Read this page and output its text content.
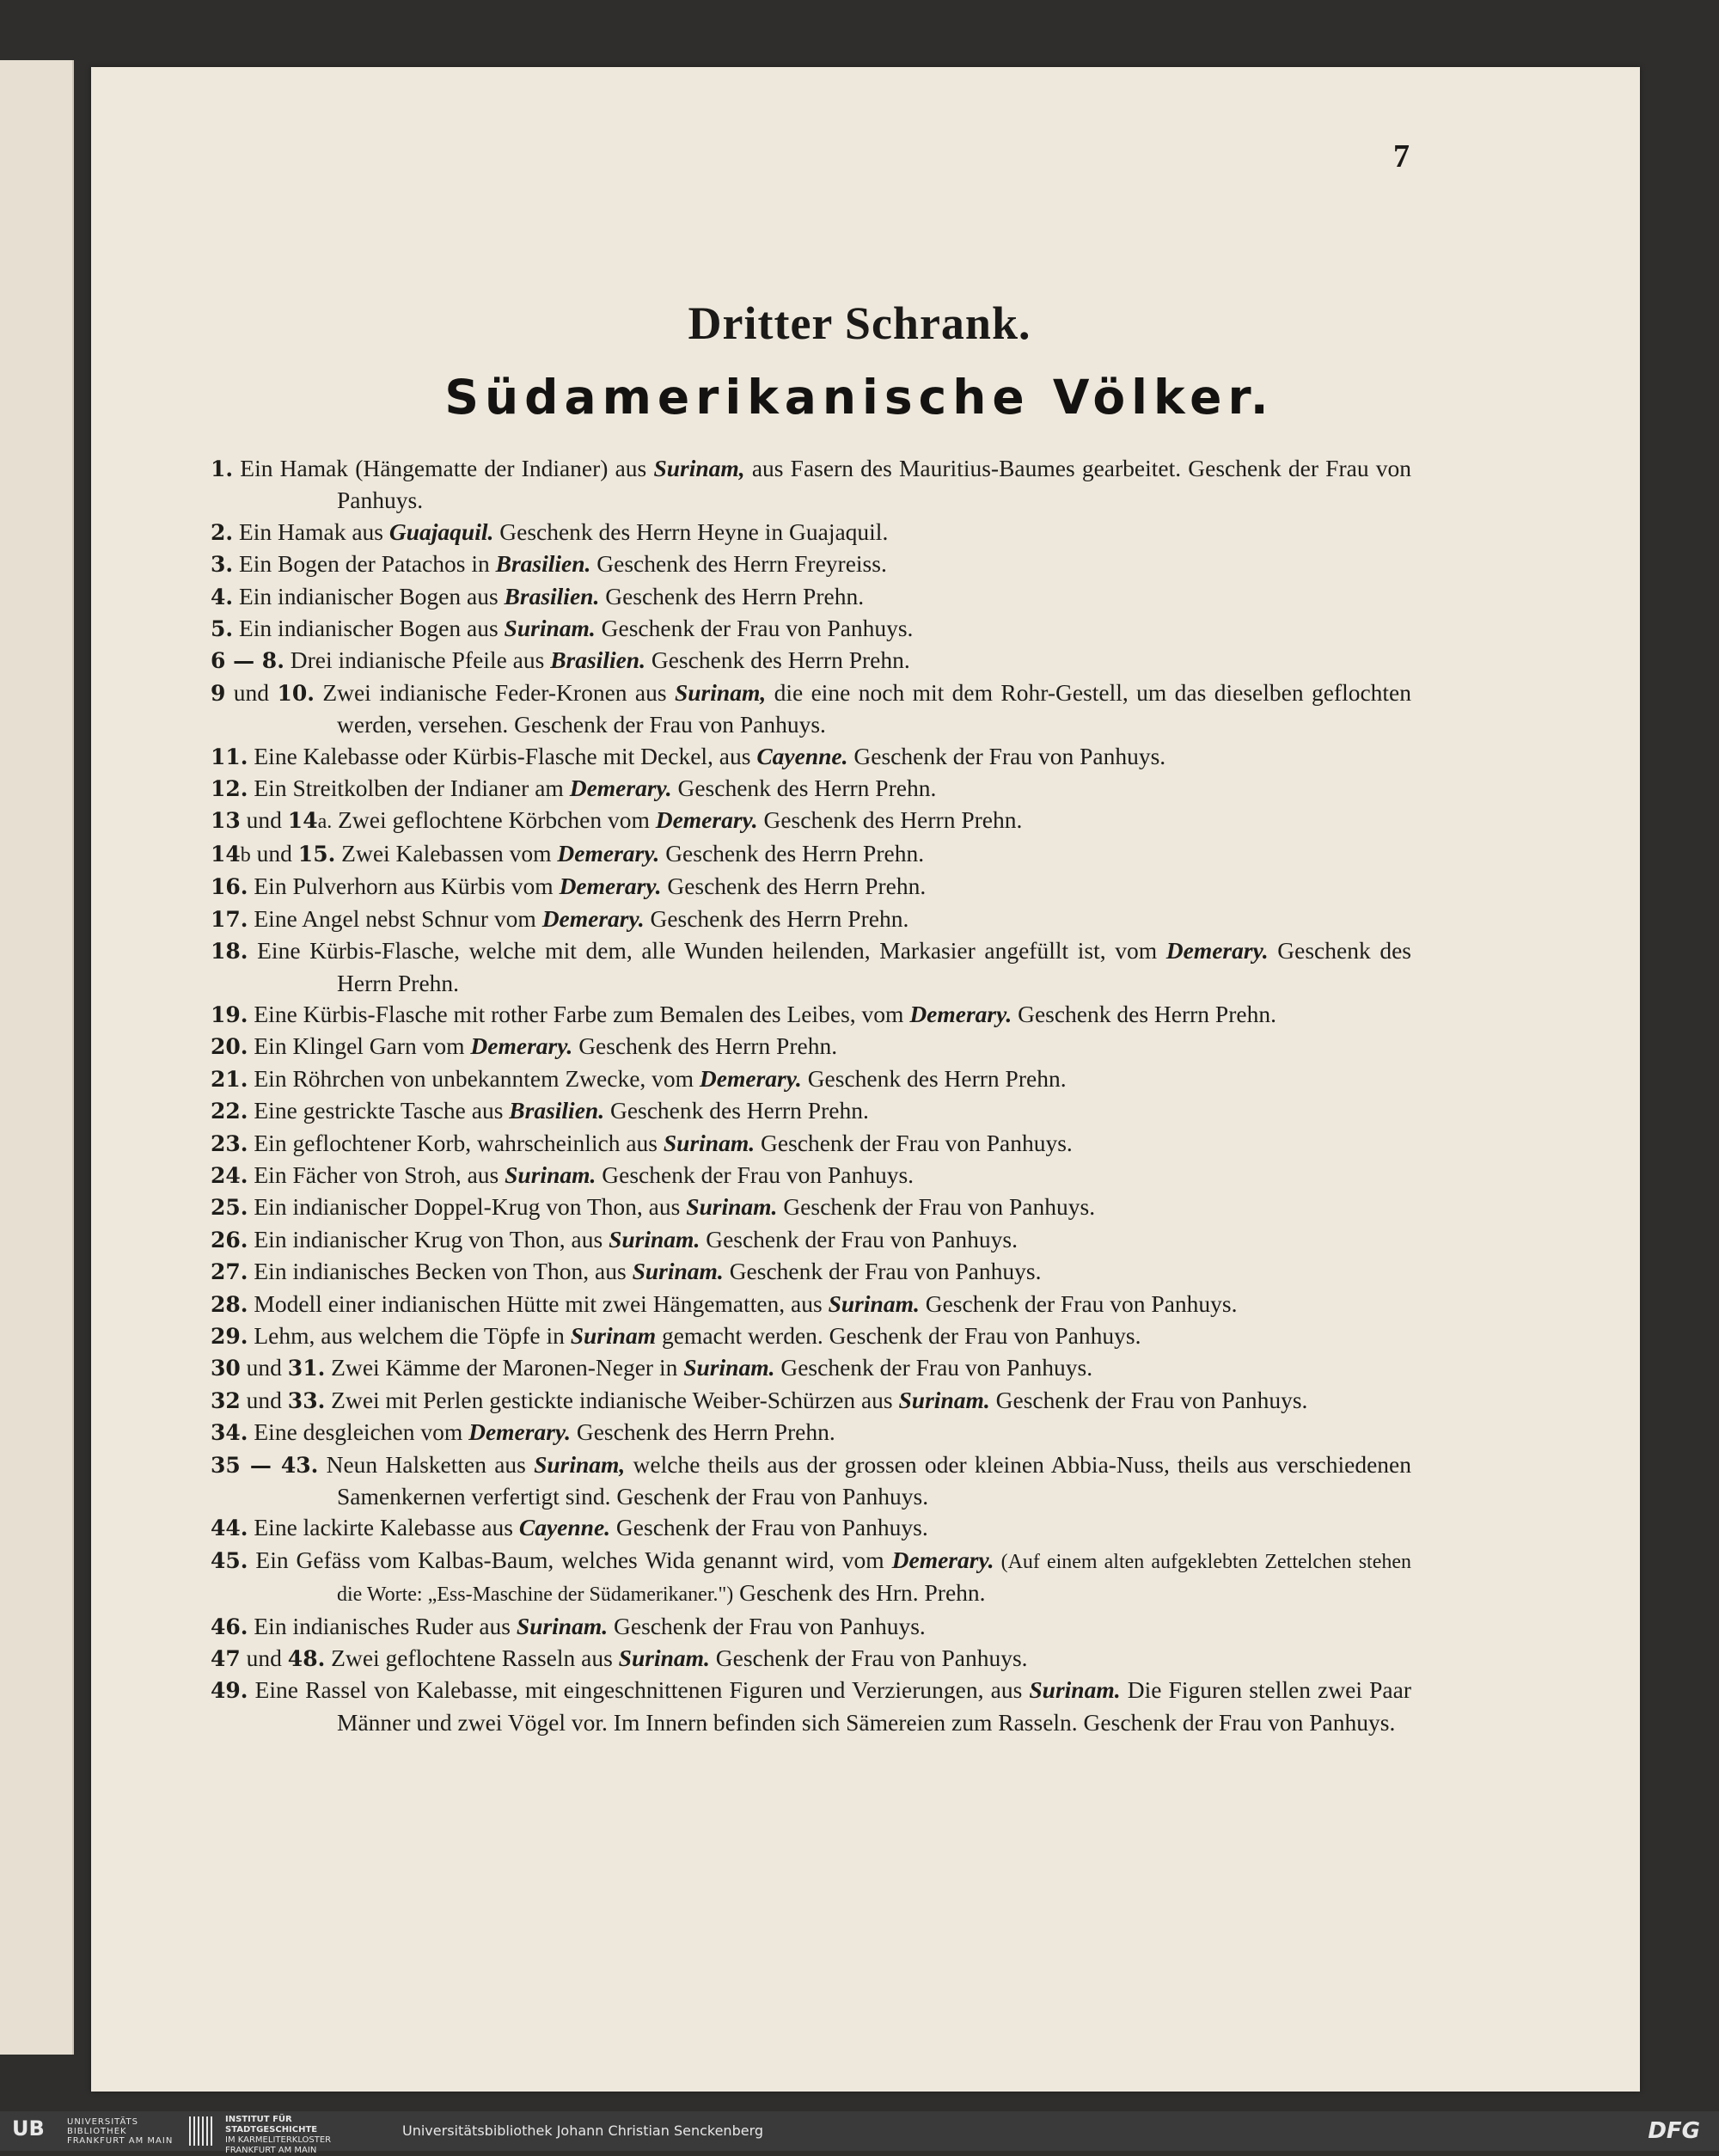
7
Dritter Schrank.
Südamerikanische Völker.
1. Ein Hamak (Hängematte der Indianer) aus Surinam, aus Fasern des Mauritius-Baumes gearbeitet. Geschenk der Frau von Panhuys.
2. Ein Hamak aus Guajaquil. Geschenk des Herrn Heyne in Guajaquil.
3. Ein Bogen der Patachos in Brasilien. Geschenk des Herrn Freyreiss.
4. Ein indianischer Bogen aus Brasilien. Geschenk des Herrn Prehn.
5. Ein indianischer Bogen aus Surinam. Geschenk der Frau von Panhuys.
6 — 8. Drei indianische Pfeile aus Brasilien. Geschenk des Herrn Prehn.
9 und 10. Zwei indianische Feder-Kronen aus Surinam, die eine noch mit dem Rohr-Gestell, um das dieselben geflochten werden, versehen. Geschenk der Frau von Panhuys.
11. Eine Kalebasse oder Kürbis-Flasche mit Deckel, aus Cayenne. Geschenk der Frau von Panhuys.
12. Ein Streitkolben der Indianer am Demerary. Geschenk des Herrn Prehn.
13 und 14a. Zwei geflochtene Körbchen vom Demerary. Geschenk des Herrn Prehn.
14b und 15. Zwei Kalebassen vom Demerary. Geschenk des Herrn Prehn.
16. Ein Pulverhorn aus Kürbis vom Demerary. Geschenk des Herrn Prehn.
17. Eine Angel nebst Schnur vom Demerary. Geschenk des Herrn Prehn.
18. Eine Kürbis-Flasche, welche mit dem, alle Wunden heilenden, Markasier angefüllt ist, vom Demerary. Geschenk des Herrn Prehn.
19. Eine Kürbis-Flasche mit rother Farbe zum Bemalen des Leibes, vom Demerary. Geschenk des Herrn Prehn.
20. Ein Klingel Garn vom Demerary. Geschenk des Herrn Prehn.
21. Ein Röhrchen von unbekanntem Zwecke, vom Demerary. Geschenk des Herrn Prehn.
22. Eine gestrickte Tasche aus Brasilien. Geschenk des Herrn Prehn.
23. Ein geflochtener Korb, wahrscheinlich aus Surinam. Geschenk der Frau von Panhuys.
24. Ein Fächer von Stroh, aus Surinam. Geschenk der Frau von Panhuys.
25. Ein indianischer Doppel-Krug von Thon, aus Surinam. Geschenk der Frau von Panhuys.
26. Ein indianischer Krug von Thon, aus Surinam. Geschenk der Frau von Panhuys.
27. Ein indianisches Becken von Thon, aus Surinam. Geschenk der Frau von Panhuys.
28. Modell einer indianischen Hütte mit zwei Hängematten, aus Surinam. Geschenk der Frau von Panhuys.
29. Lehm, aus welchem die Töpfe in Surinam gemacht werden. Geschenk der Frau von Panhuys.
30 und 31. Zwei Kämme der Maronen-Neger in Surinam. Geschenk der Frau von Panhuys.
32 und 33. Zwei mit Perlen gestickte indianische Weiber-Schürzen aus Surinam. Geschenk der Frau von Panhuys.
34. Eine desgleichen vom Demerary. Geschenk des Herrn Prehn.
35 — 43. Neun Halsketten aus Surinam, welche theils aus der grossen oder kleinen Abbia-Nuss, theils aus verschiedenen Samenkernen verfertigt sind. Geschenk der Frau von Panhuys.
44. Eine lackirte Kalebasse aus Cayenne. Geschenk der Frau von Panhuys.
45. Ein Gefäss vom Kalbas-Baum, welches Wida genannt wird, vom Demerary. (Auf einem alten aufgeklebten Zettelchen stehen die Worte: „Ess-Maschine der Südamerikaner.") Geschenk des Hrn. Prehn.
46. Ein indianisches Ruder aus Surinam. Geschenk der Frau von Panhuys.
47 und 48. Zwei geflochtene Rasseln aus Surinam. Geschenk der Frau von Panhuys.
49. Eine Rassel von Kalebasse, mit eingeschnittenen Figuren und Verzierungen, aus Surinam. Die Figuren stellen zwei Paar Männer und zwei Vögel vor. Im Innern befinden sich Sämereien zum Rasseln. Geschenk der Frau von Panhuys.
UB	UNIVERSITÄTS
BIBLIOTHEK
FRANKFURT AM MAIN
INSTITUT FÜR
STADTGESCHICHTE
IM KARMELITERKLOSTER
FRANKFURT AM MAIN
Universitätsbibliothek Johann Christian Senckenberg	DFG
